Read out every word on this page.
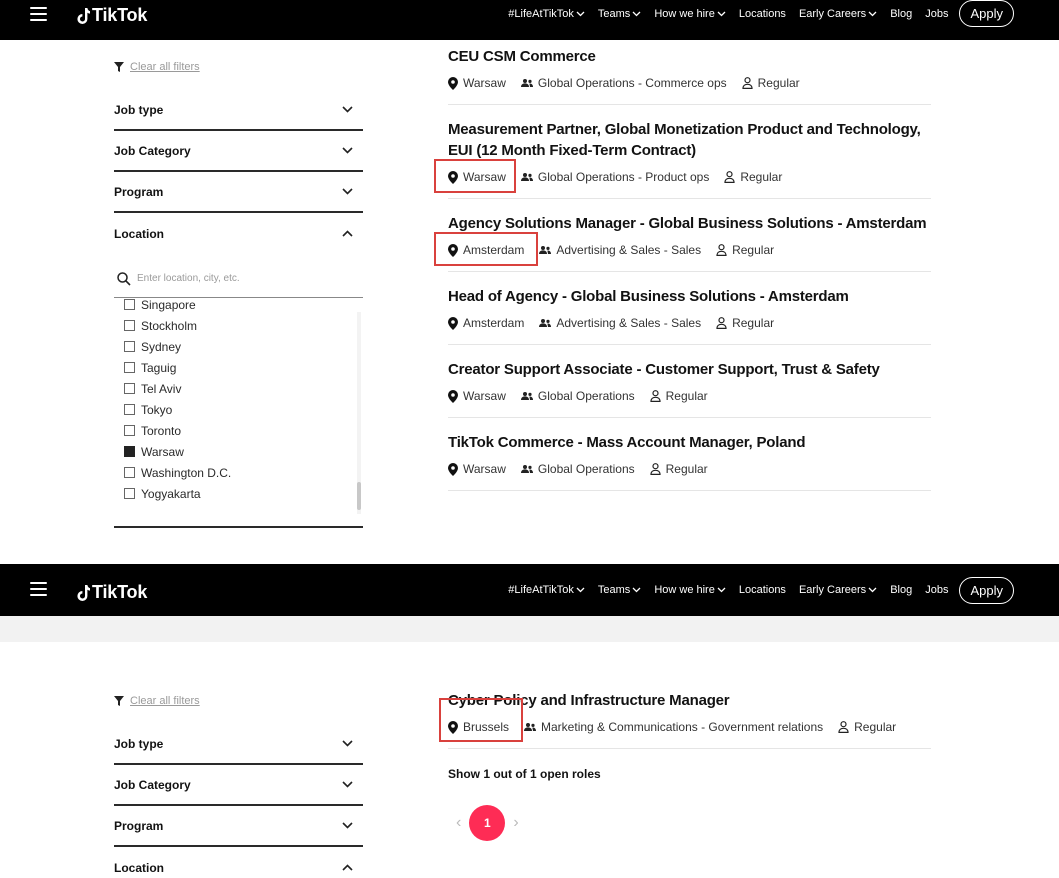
TikTok	#LifeAtTikTok Teams How we hire Locations Early Careers Blog Jobs	Apply
Clear all filters
Job type
Job Category
Program
Location
Enter location, city, etc.
Singapore
Stockholm
Sydney
Taguig
Tel Aviv
Tokyo
Toronto
Warsaw
Washington D.C.
Yogyakarta
CEU CSM Commerce
Warsaw	Global Operations - Commerce ops	Regular
Measurement Partner, Global Monetization Product and Technology, EUI (12 Month Fixed-Term Contract)
Warsaw	Global Operations - Product ops	Regular
Agency Solutions Manager - Global Business Solutions - Amsterdam
Amsterdam	Advertising & Sales - Sales	Regular
Head of Agency - Global Business Solutions - Amsterdam
Amsterdam	Advertising & Sales - Sales	Regular
Creator Support Associate - Customer Support, Trust & Safety
Warsaw	Global Operations	Regular
TikTok Commerce - Mass Account Manager, Poland
Warsaw	Global Operations	Regular
TikTok	#LifeAtTikTok Teams How we hire Locations Early Careers Blog Jobs	Apply
Clear all filters
Job type
Job Category
Program
Location
Cyber Policy and Infrastructure Manager
Brussels	Marketing & Communications - Government relations	Regular
Show 1 out of 1 open roles
‹	1	›
